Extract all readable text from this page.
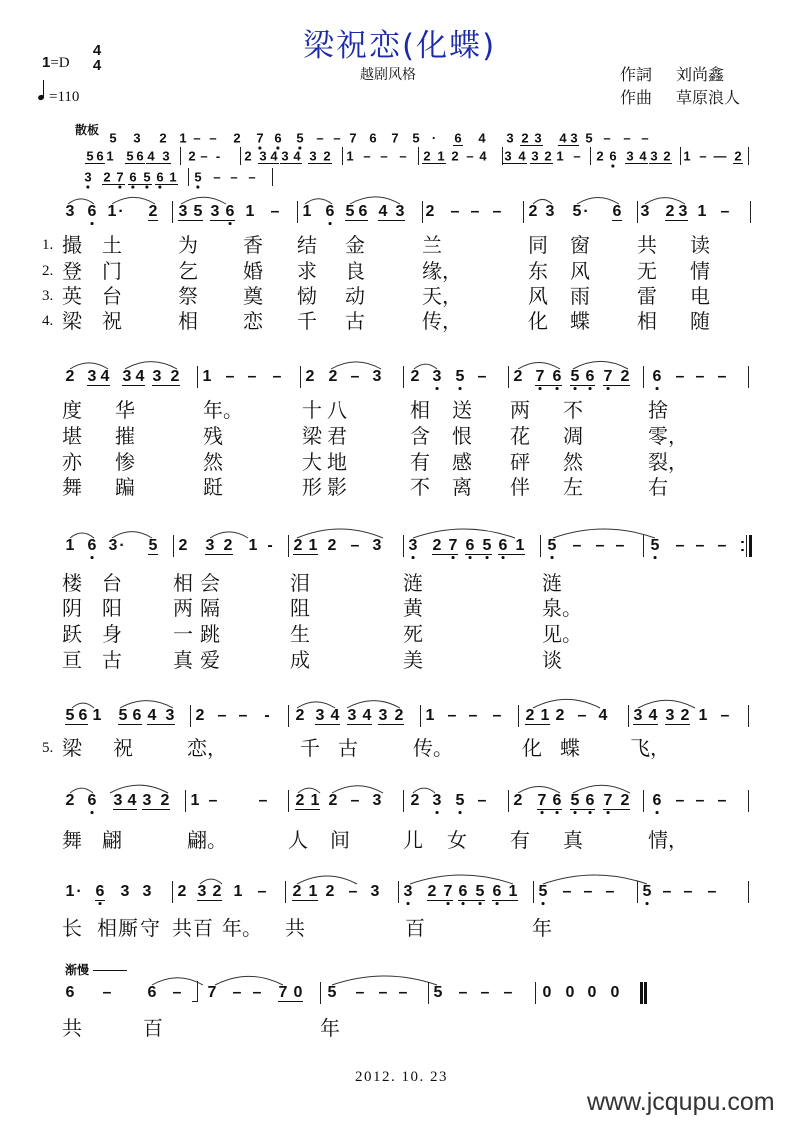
1=D
4
4
=110
梁祝恋(化蝶)
越剧风格	作詞 刘尚鑫
作曲 草原浪人
散板
渐慢
5 3 2 1 – – 2 7 6 5 – – 7 6 7 5 · 6 4 3 2 3 4 3 5 – – –
5 6 1 5 6 4 3 2 – - 2 3 4 3 4 3 2 1 – – – 2 1 2 – 4 3 4 3 2 1 – 2 6 3 4 3 2 1 – — 2
3 2 7 6 5 6 1 5 – – –
3 6 1 · 2 3 5 3 6 1 – 1 6 5 6 4 3 2 – – – 2 3 5 · 6 3 2 3 1 –
2 3 4 3 4 3 2 1 – – – 2 2 – 3 2 3 5 – 2 7 6 5 6 7 2 6 – – –
1 6 3 · 5 2 3 2 1 - 2 1 2 – 3 3 2 7 6 5 6 1 5 – – – 5 – – –
5 6 1 5 6 4 3 2 – – - 2 3 4 3 4 3 2 1 – – – 2 1 2 – 4 3 4 3 2 1 –
2 6 3 4 3 2 1 –	– 2 1 2 – 3 2 3 5 – 2 7 6 5 6 7 2 6 – – –
1 · 6 3 3 2 3 2 1 – 2 1 2 – 3 3 2 7 6 5 6 1 5 – – – 5 – – –
6 – 6 – 7 – – 7 0 5 – – – 5 – – – 0 0 0 0
1. 撮 土	为 香 结 金	兰	同 窗 共 读
2. 登 门	乞 婚 求 良	缘，	东 风 无 情
3. 英 台	祭 奠 恸 动	天，	风 雨 雷 电
4. 梁 祝	相 恋 千 古	传，	化 蝶 相 随
度 华	年。	十 八	相 送 两 不	捨
堪 摧	残	梁 君	含 恨 花 凋	零，
亦 惨	然	大 地	有 感 砰 然	裂，
舞 蹁	跹	形 影	不 离 伴 左	右
楼 台	相 会	泪	涟	涟
阴 阳	两 隔	阻	黄	泉。
跃 身	一 跳	生	死	见。
亘 古	真 爱	成	美	谈
5. 梁 祝	恋，	千 古	传。	化 蝶	飞，
舞 翩	翩。	人 间	儿 女 有 真	情，
长 相 厮 守 共 百 年。 共	百	年
共	百	年
2012. 10. 23
www.jcqupu.com
